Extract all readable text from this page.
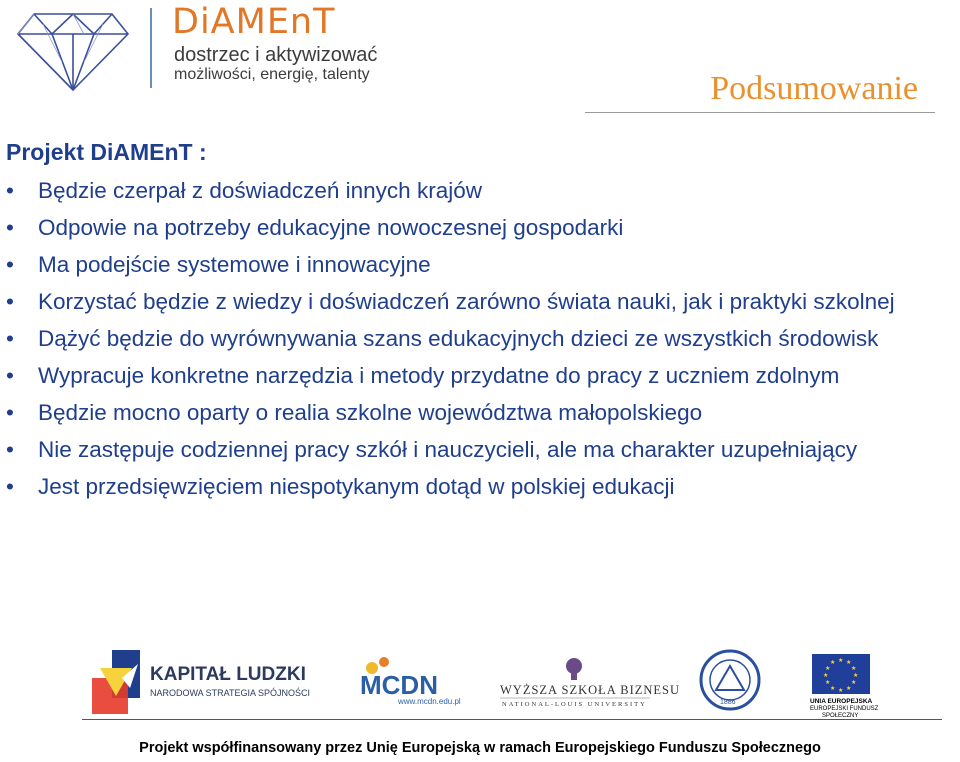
DiAMEnT
dostrzec i aktywizować
możliwości, energię, talenty	Podsumowanie
Projekt DiAMEnT :
• Będzie czerpał z doświadczeń innych krajów
• Odpowie na potrzeby edukacyjne nowoczesnej gospodarki
• Ma podejście systemowe i innowacyjne
• Korzystać będzie z wiedzy i doświadczeń zarówno świata nauki, jak i praktyki szkolnej
• Dążyć będzie do wyrównywania szans edukacyjnych dzieci ze wszystkich środowisk
• Wypracuje konkretne narzędzia i metody przydatne do pracy z uczniem zdolnym
• Będzie mocno oparty o realia szkolne województwa małopolskiego
• Nie zastępuje codziennej pracy szkół i nauczycieli, ale ma charakter uzupełniający
• Jest przedsięwzięciem niespotykanym dotąd w polskiej edukacji
KAPITAŁ LUDZKI
NARODOWA STRATEGIA SPÓJNOŚCI MCDN
www.mcdn.edu.pl
WYŻSZA SZKOŁA BIZNESU
NATIONAL-LOUIS UNIVERSITY	1886
★ ★
★
★
★
★
★
★
★
★
★
★
UNIA EUROPEJSKA
EUROPEJSKI FUNDUSZ
SPOŁECZNY
Projekt współfinansowany przez Unię Europejską w ramach Europejskiego Funduszu Społecznego
